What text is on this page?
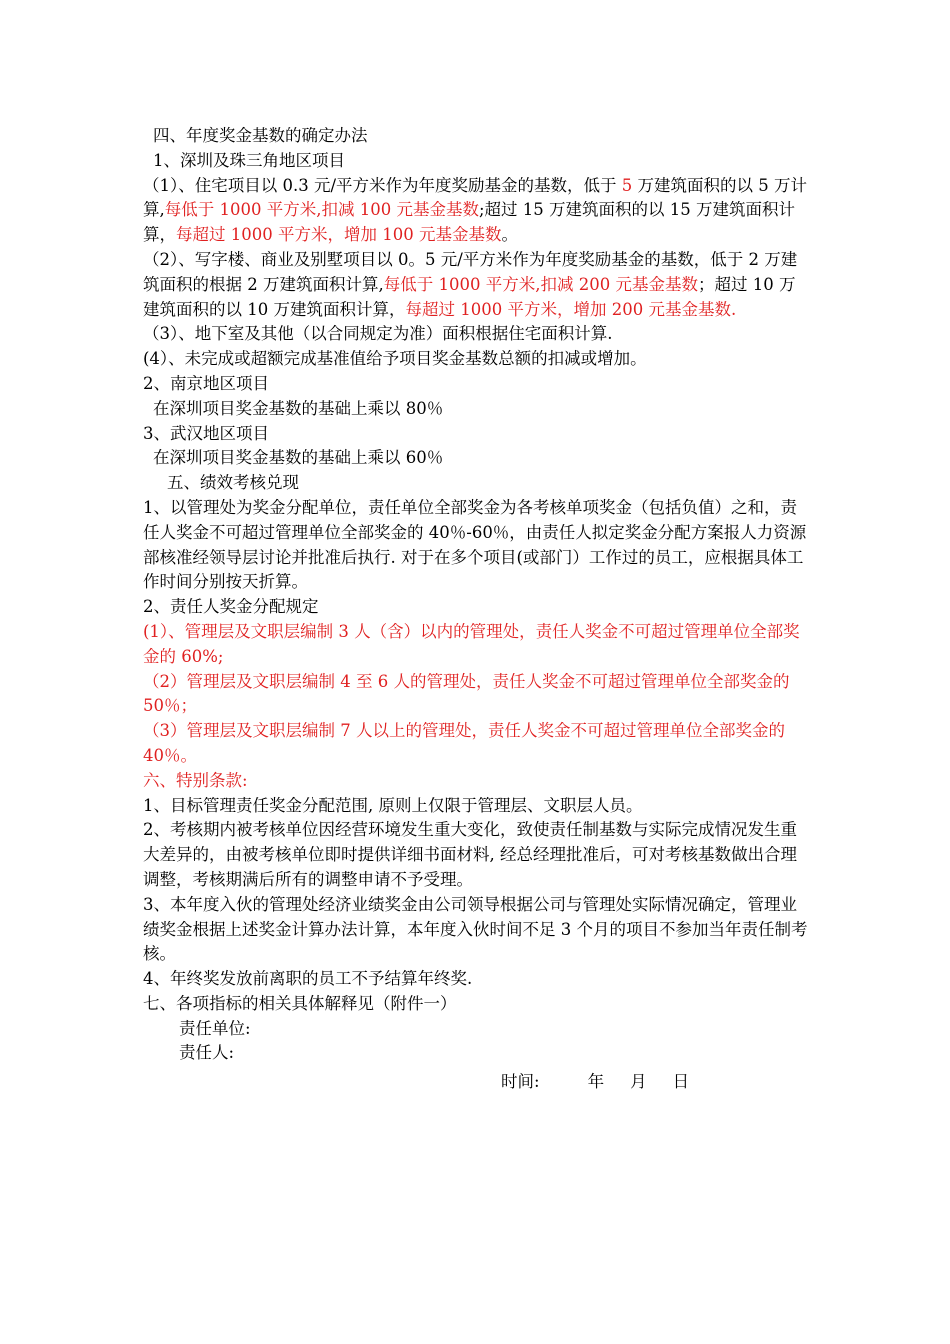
四、年度奖金基数的确定办法

1、深圳及珠三角地区项目

（1）、住宅项目以 0.3 元/平方米作为年度奖励基金的基数，低于 5 万建筑面积的以 5 万计算,每低于 1000 平方米,扣减 100 元基金基数;超过 15 万建筑面积的以 15 万建筑面积计算，每超过 1000 平方米，增加 100 元基金基数。

（2）、写字楼、商业及别墅项目以 0。5 元/平方米作为年度奖励基金的基数，低于 2 万建筑面积的根据 2 万建筑面积计算,每低于 1000 平方米,扣减 200 元基金基数；超过 10 万建筑面积的以 10 万建筑面积计算，每超过 1000 平方米，增加 200 元基金基数.

（3）、地下室及其他（以合同规定为准）面积根据住宅面积计算.

(4）、未完成或超额完成基准值给予项目奖金基数总额的扣减或增加。

2、南京地区项目

在深圳项目奖金基数的基础上乘以 80％

3、武汉地区项目

在深圳项目奖金基数的基础上乘以 60％

五、绩效考核兑现

1、以管理处为奖金分配单位，责任单位全部奖金为各考核单项奖金（包括负值）之和，责任人奖金不可超过管理单位全部奖金的 40％-60％，由责任人拟定奖金分配方案报人力资源部核准经领导层讨论并批准后执行. 对于在多个项目(或部门）工作过的员工，应根据具体工作时间分别按天折算。

2、责任人奖金分配规定

(1）、管理层及文职层编制 3 人（含）以内的管理处，责任人奖金不可超过管理单位全部奖金的 60%;

（2）管理层及文职层编制 4 至 6 人的管理处，责任人奖金不可超过管理单位全部奖金的 50％；

（3）管理层及文职层编制 7 人以上的管理处，责任人奖金不可超过管理单位全部奖金的 40％。

六、特别条款:

1、目标管理责任奖金分配范围, 原则上仅限于管理层、文职层人员。

2、考核期内被考核单位因经营环境发生重大变化，致使责任制基数与实际完成情况发生重大差异的，由被考核单位即时提供详细书面材料, 经总经理批准后，可对考核基数做出合理调整，考核期满后所有的调整申请不予受理。

3、本年度入伙的管理处经济业绩奖金由公司领导根据公司与管理处实际情况确定，管理业绩奖金根据上述奖金计算办法计算，本年度入伙时间不足 3 个月的项目不参加当年责任制考核。

4、年终奖发放前离职的员工不予结算年终奖.

七、各项指标的相关具体解释见（附件一）

责任单位:

责任人:

时间:	年 月 日
